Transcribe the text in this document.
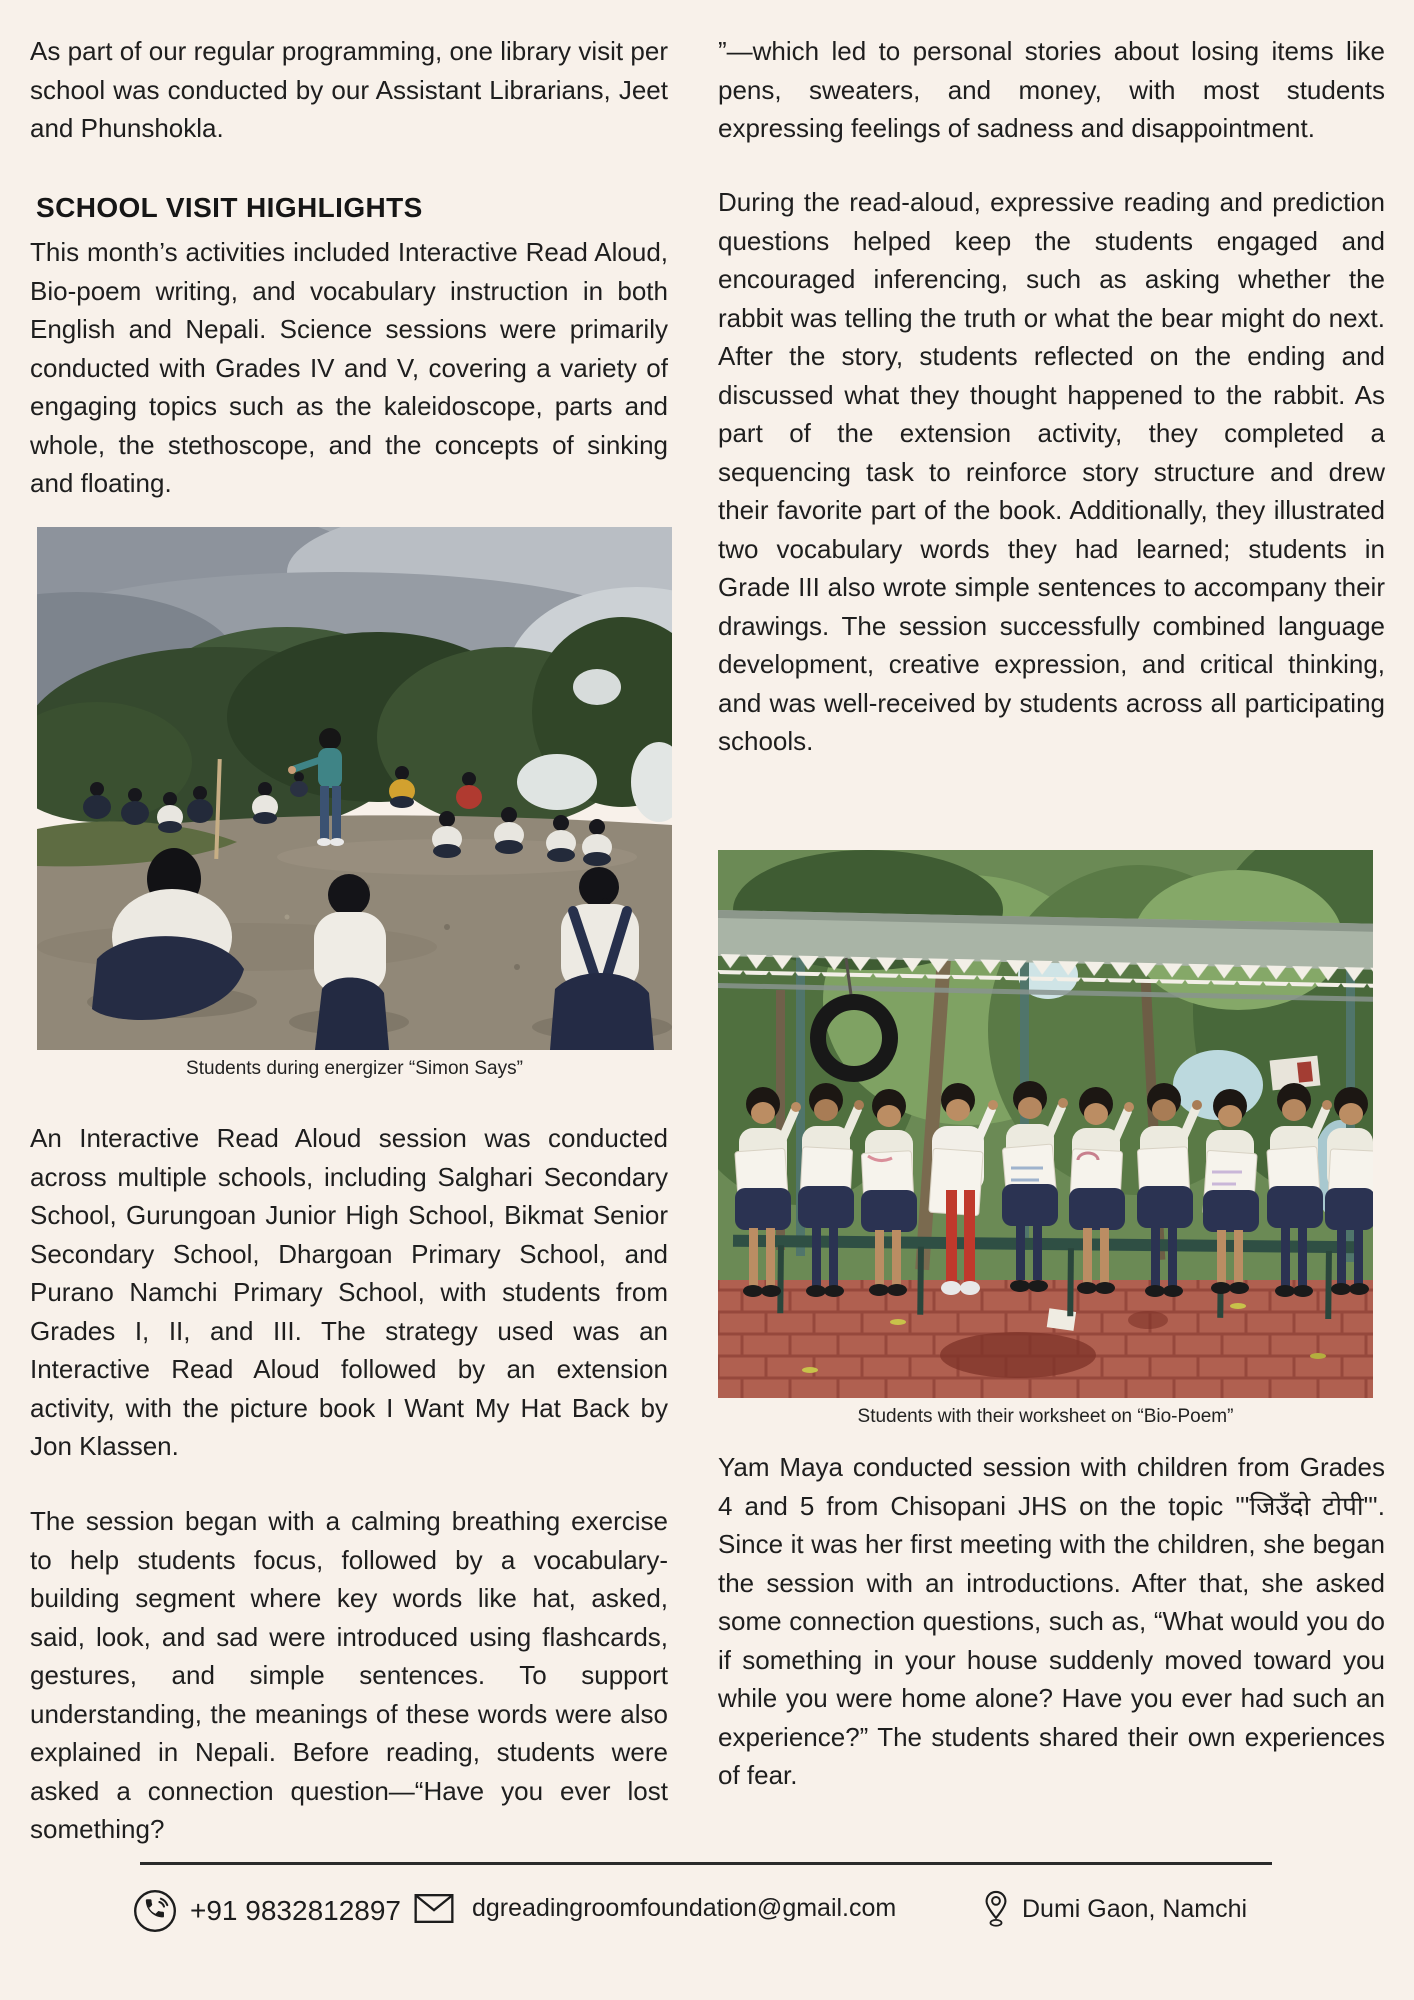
As part of our regular programming, one library visit per school was conducted by our Assistant Librarians, Jeet and Phunshokla.

SCHOOL VISIT HIGHLIGHTS

This month’s activities included Interactive Read Aloud, Bio-poem writing, and vocabulary instruction in both English and Nepali. Science sessions were primarily conducted with Grades IV and V, covering a variety of engaging topics such as the kaleidoscope, parts and whole, the stethoscope, and the concepts of sinking and floating.

Students during energizer “Simon Says”

An Interactive Read Aloud session was conducted across multiple schools, including Salghari Secondary School, Gurungoan Junior High School, Bikmat Senior Secondary School, Dhargoan Primary School, and Purano Namchi Primary School, with students from Grades I, II, and III. The strategy used was an Interactive Read Aloud followed by an extension activity, with the picture book I Want My Hat Back by Jon Klassen.

The session began with a calming breathing exercise to help students focus, followed by a vocabulary-building segment where key words like hat, asked, said, look, and sad were introduced using flashcards, gestures, and simple sentences. To support understanding, the meanings of these words were also explained in Nepali. Before reading, students were asked a connection question—“Have you ever lost something?

”—which led to personal stories about losing items like pens, sweaters, and money, with most students expressing feelings of sadness and disappointment.

During the read-aloud, expressive reading and prediction questions helped keep the students engaged and encouraged inferencing, such as asking whether the rabbit was telling the truth or what the bear might do next. After the story, students reflected on the ending and discussed what they thought happened to the rabbit. As part of the extension activity, they completed a sequencing task to reinforce story structure and drew their favorite part of the book. Additionally, they illustrated two vocabulary words they had learned; students in Grade III also wrote simple sentences to accompany their drawings. The session successfully combined language development, creative expression, and critical thinking, and was well-received by students across all participating schools.

Students with their worksheet on “Bio-Poem”

Yam Maya conducted session with children from Grades 4 and 5 from Chisopani JHS on the topic '"जिउँदो टोपी"'. Since it was her first meeting with the children, she began the session with an introductions. After that, she asked some connection questions, such as, “What would you do if something in your house suddenly moved toward you while you were home alone? Have you ever had such an experience?” The students shared their own experiences of fear.

+91 9832812897	dgreadingroomfoundation@gmail.com	Dumi Gaon, Namchi
